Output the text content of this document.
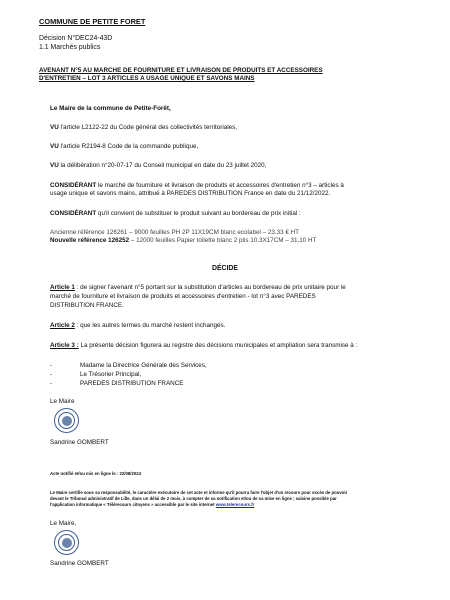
COMMUNE DE PETITE FORET
Décision N°DEC24-43D
1.1 Marchés publics
AVENANT N°5 AU MARCHE DE FOURNITURE ET LIVRAISON DE PRODUITS ET ACCESSOIRES
D'ENTRETIEN – LOT 3 ARTICLES A USAGE UNIQUE ET SAVONS MAINS
Le Maire de la commune de Petite-Forêt,
VU l'article L2122-22 du Code général des collectivités territoriales,
VU l'article R2194-8 Code de la commande publique,
VU la délibération n°20-07-17 du Conseil municipal en date du 23 juillet 2020,
CONSIDÉRANT le marché de fourniture et livraison de produits et accessoires d'entretien n°3 – articles à
usage unique et savons mains, attribué à PAREDES DISTRIBUTION France en date du 21/12/2022.
CONSIDÉRANT qu'il convient de substituer le produit suivant au bordereau de prix initial :
Ancienne référence 126261 – 9000 feuilles PH 2P 11X19CM blanc ecolabel – 23.33 € HT
Nouvelle référence 126252 – 12000 feuilles Papier toilette blanc 2 plis 10.3X17CM – 31,10 HT
DÉCIDE
Article 1 : de signer l'avenant n°5 portant sur la substitution d'articles au bordereau de prix unitaire pour le
marché de fourniture et livraison de produits et accessoires d'entretien - lot n°3 avec PAREDES
DISTRIBUTION FRANCE.
Article 2 : que les autres termes du marché restent inchangés.
Article 3 : La présente décision figurera au registre des décisions municipales et ampliation sera transmise à :
-	Madame la Directrice Générale des Services,
-	Le Trésorier Principal,
-	PAREDES DISTRIBUTION FRANCE
Le Maire
Sandrine GOMBERT
Acte notifié et/ou mis en ligne le : 22/08/2024
Le Maire certifie sous sa responsabilité, le caractère exécutoire de cet acte et informe qu'il pourra faire l'objet d'un recours pour excès de pouvoir
devant le Tribunal administratif de Lille, dans un délai de 2 mois, à compter de sa notification et/ou de sa mise en ligne ; saisine possible par
l'application informatique « Télérecours citoyens » accessible par le site internet www.telerecours.fr
Le Maire,
Sandrine GOMBERT
